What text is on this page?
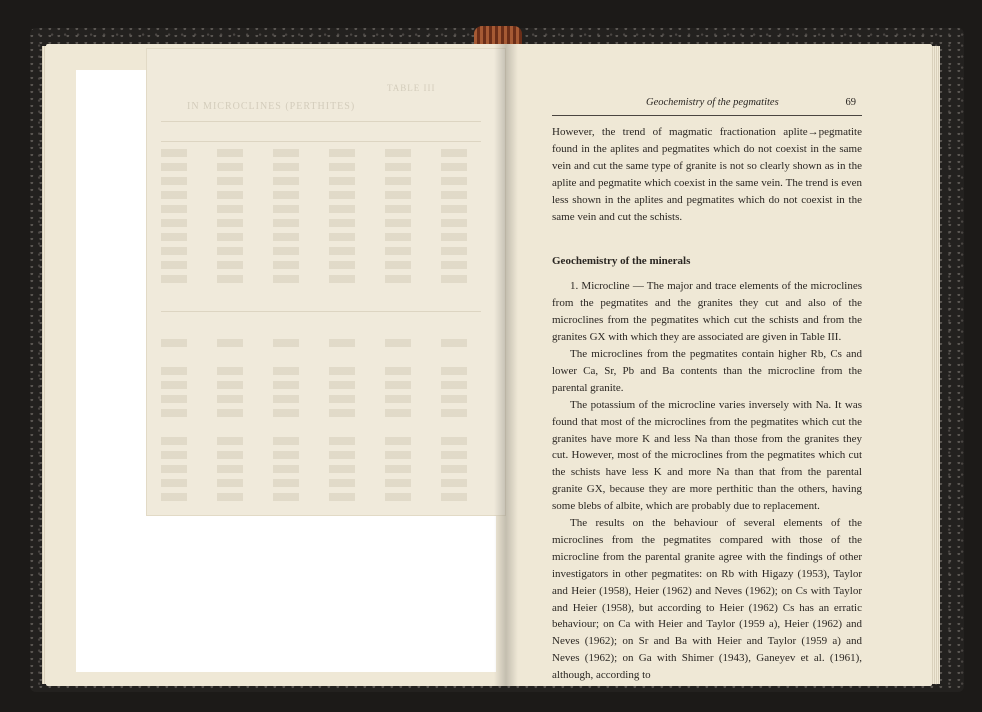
TABLE III
IN MICROCLINES (PERTHITES)	Geochemistry of the pegmatites	69

However, the trend of magmatic fractionation aplite→pegmatite found in the aplites and pegmatites which do not coexist in the same vein and cut the same type of granite is not so clearly shown as in the aplite and pegmatite which coexist in the same vein. The trend is even less shown in the aplites and pegmatites which do not coexist in the same vein and cut the schists.

Geochemistry of the minerals

1. Microcline — The major and trace elements of the microclines from the pegmatites and the granites they cut and also of the microclines from the pegmatites which cut the schists and from the granites GX with which they are associated are given in Table III.

The microclines from the pegmatites contain higher Rb, Cs and lower Ca, Sr, Pb and Ba contents than the microcline from the parental granite.

The potassium of the microcline varies inversely with Na. It was found that most of the microclines from the pegmatites which cut the granites have more K and less Na than those from the granites they cut. However, most of the microclines from the pegmatites which cut the schists have less K and more Na than that from the parental granite GX, because they are more perthitic than the others, having some blebs of albite, which are probably due to replacement.

The results on the behaviour of several elements of the microclines from the pegmatites compared with those of the microcline from the parental granite agree with the findings of other investigators in other pegmatites: on Rb with Higazy (1953), Taylor and Heier (1958), Heier (1962) and Neves (1962); on Cs with Taylor and Heier (1958), but according to Heier (1962) Cs has an erratic behaviour; on Ca with Heier and Taylor (1959 a), Heier (1962) and Neves (1962); on Sr and Ba with Heier and Taylor (1959 a) and Neves (1962); on Ga with Shimer (1943), Ganeyev et al. (1961), although, according to
